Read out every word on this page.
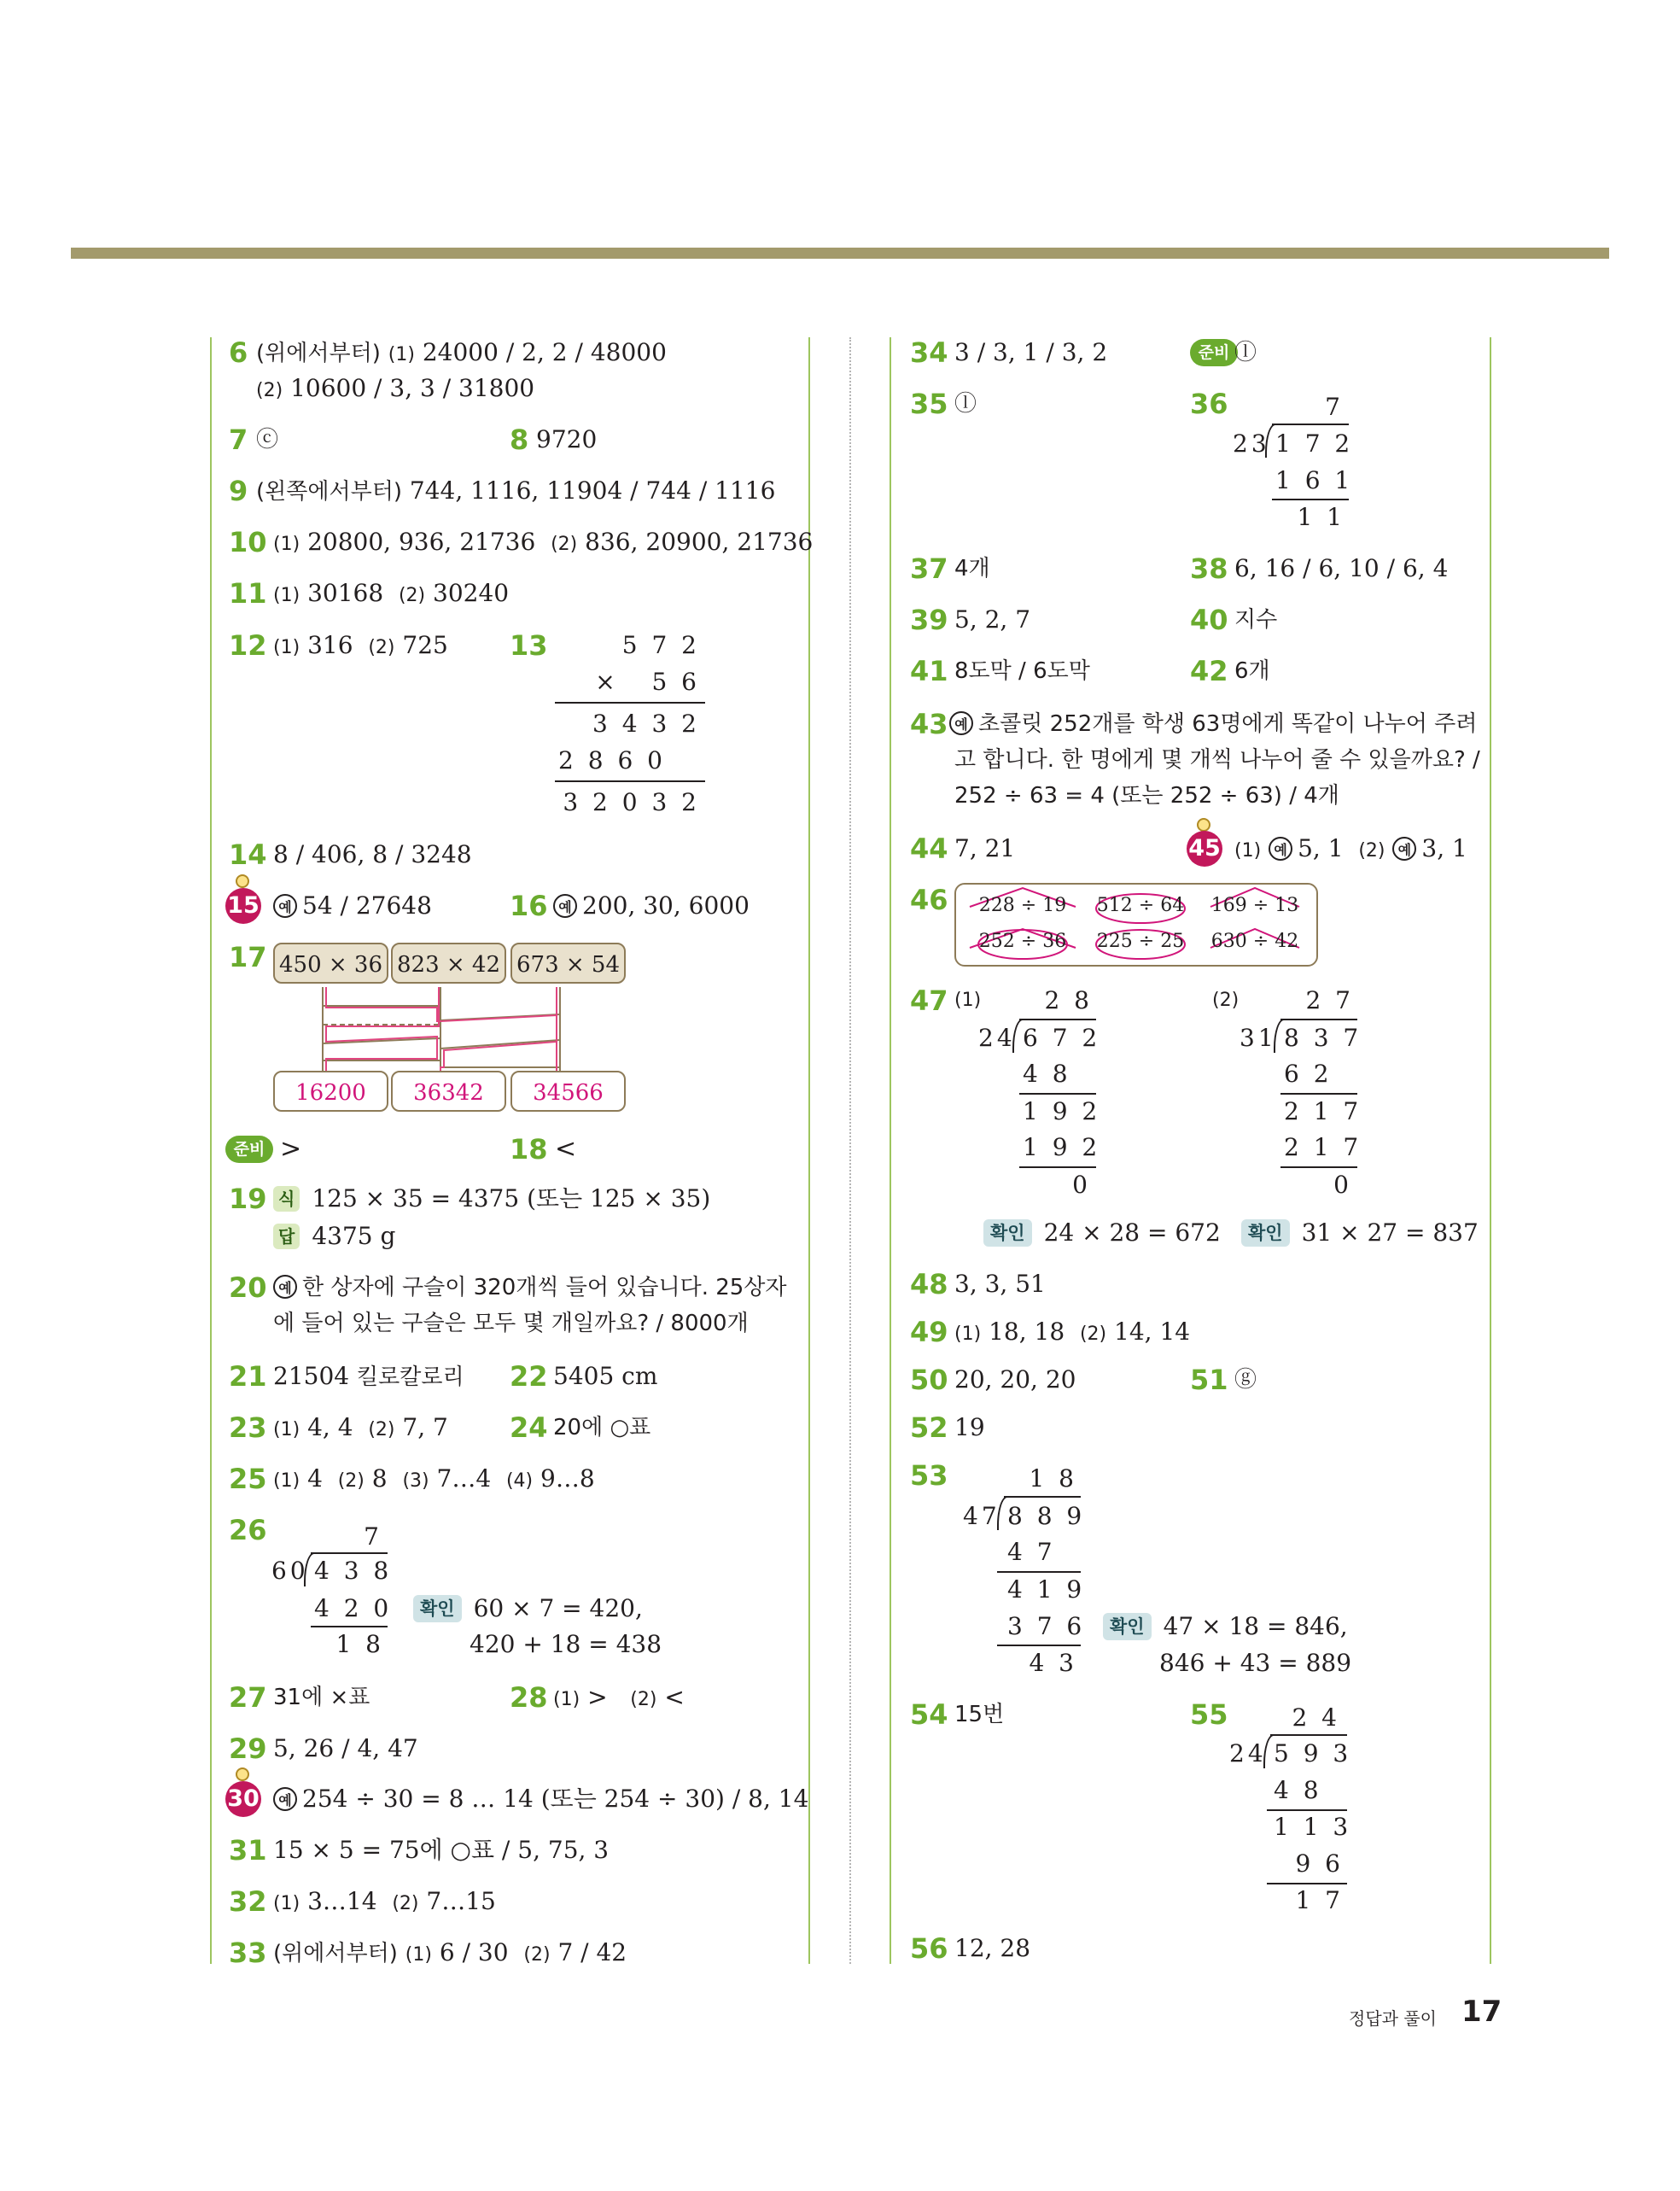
6 (위에서부터) (1) 24000 / 2, 2 / 48000
(2) 10600 / 3, 3 / 31800
7 ⓒ	8 9720
9 (왼쪽에서부터) 744, 1116, 11904 / 744 / 1116
10 (1) 20800, 936, 21736 (2) 836, 20900, 21736
11 (1) 30168 (2) 30240
12 (1) 316 (2) 725 13	5 7 2
×   5 6
3 4 3 2
2 8 6 0
3 2 0 3 2
14 8 / 406, 8 / 3248
15	예 54 / 27648	16 예 200, 30, 6000
17 450 × 36 823 × 42 673 × 54
16200	36342	34566
준비 >	18 <
19 식 125 × 35 = 4375 (또는 125 × 35)
답 4375 g
20 예 한 상자에 구슬이 320개씩 들어 있습니다. 25상자
에 들어 있는 구슬은 모두 몇 개일까요? / 8000개
21 21504 킬로칼로리 22 5405 cm
23 (1) 4, 4 (2) 7, 7 24 20에 ○표
25 (1) 4 (2) 8 (3) 7…4 (4) 9…8
26	7
60 4 3 8
4 2 0
1 8
확인 60 × 7 = 420,
420 + 18 = 438
27 31에 ×표	28 (1) > (2) <
29 5, 26 / 4, 47
30	예 254 ÷ 30 = 8 … 14 (또는 254 ÷ 30) / 8, 14
31 15 × 5 = 75에 ○표 / 5, 75, 3
32 (1) 3…14 (2) 7…15
33 (위에서부터) (1) 6 / 30 (2) 7 / 42
34 3 / 3, 1 / 3, 2	준비 ⓛ
35 ⓛ	36	7
23 1 7 2
1 6 1
1 1
37 4개	38 6, 16 / 6, 10 / 6, 4
39 5, 2, 7	40 지수
41 8도막 / 6도막	42 6개
43 예 초콜릿 252개를 학생 63명에게 똑같이 나누어 주려
고 합니다. 한 명에게 몇 개씩 나누어 줄 수 있을까요? /
252 ÷ 63 = 4 (또는 252 ÷ 63) / 4개
44 7, 21	45 (1) 예 5, 1 (2) 예 3, 1
46	228 ÷ 19	512 ÷ 64	169 ÷ 13
252 ÷ 36	225 ÷ 25	630 ÷ 42
47 (1)	(2)
2 8
24 6 7 2
4 8
1 9 2
1 9 2
0
확인 24 × 28 = 672
2 7
31 8 3 7
6 2
2 1 7
2 1 7
0
확인 31 × 27 = 837
48 3, 3, 51
49 (1) 18, 18 (2) 14, 14
50 20, 20, 20	51 ⓖ
52 19
53	1 8
47 8 8 9
4 7
4 1 9
3 7 6
4 3
확인 47 × 18 = 846,
846 + 43 = 889
54 15번	55	2 4
24 5 9 3
4 8
1 1 3
9 6
1 7
56 12, 28
정답과 풀이 17
